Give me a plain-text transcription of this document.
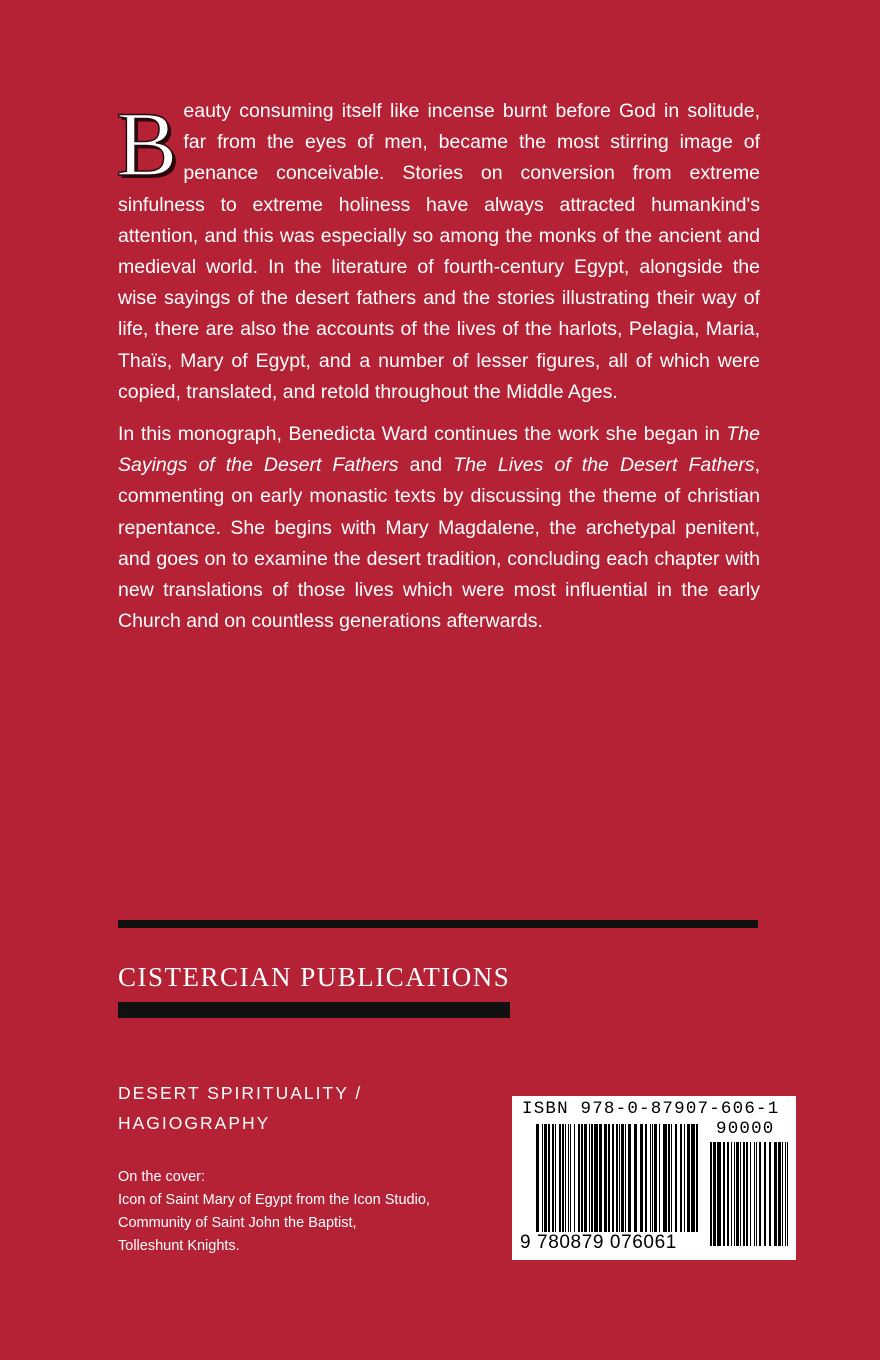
Beauty consuming itself like incense burnt before God in solitude, far from the eyes of men, became the most stirring image of penance conceivable. Stories on conversion from extreme sinfulness to extreme holiness have always attracted humankind's attention, and this was especially so among the monks of the ancient and medieval world. In the literature of fourth-century Egypt, alongside the wise sayings of the desert fathers and the stories illustrating their way of life, there are also the accounts of the lives of the harlots, Pelagia, Maria, Thaïs, Mary of Egypt, and a number of lesser figures, all of which were copied, translated, and retold throughout the Middle Ages.

In this monograph, Benedicta Ward continues the work she began in The Sayings of the Desert Fathers and The Lives of the Desert Fathers, commenting on early monastic texts by discussing the theme of christian repentance. She begins with Mary Magdalene, the archetypal penitent, and goes on to examine the desert tradition, concluding each chapter with new translations of those lives which were most influential in the early Church and on countless generations afterwards.

CISTERCIAN PUBLICATIONS
DESERT SPIRITUALITY /
HAGIOGRAPHY
On the cover:
Icon of Saint Mary of Egypt from the Icon Studio,
Community of Saint John the Baptist,
Tolleshunt Knights.
ISBN 978-0-87907-606-1
90000
9 780879 076061
